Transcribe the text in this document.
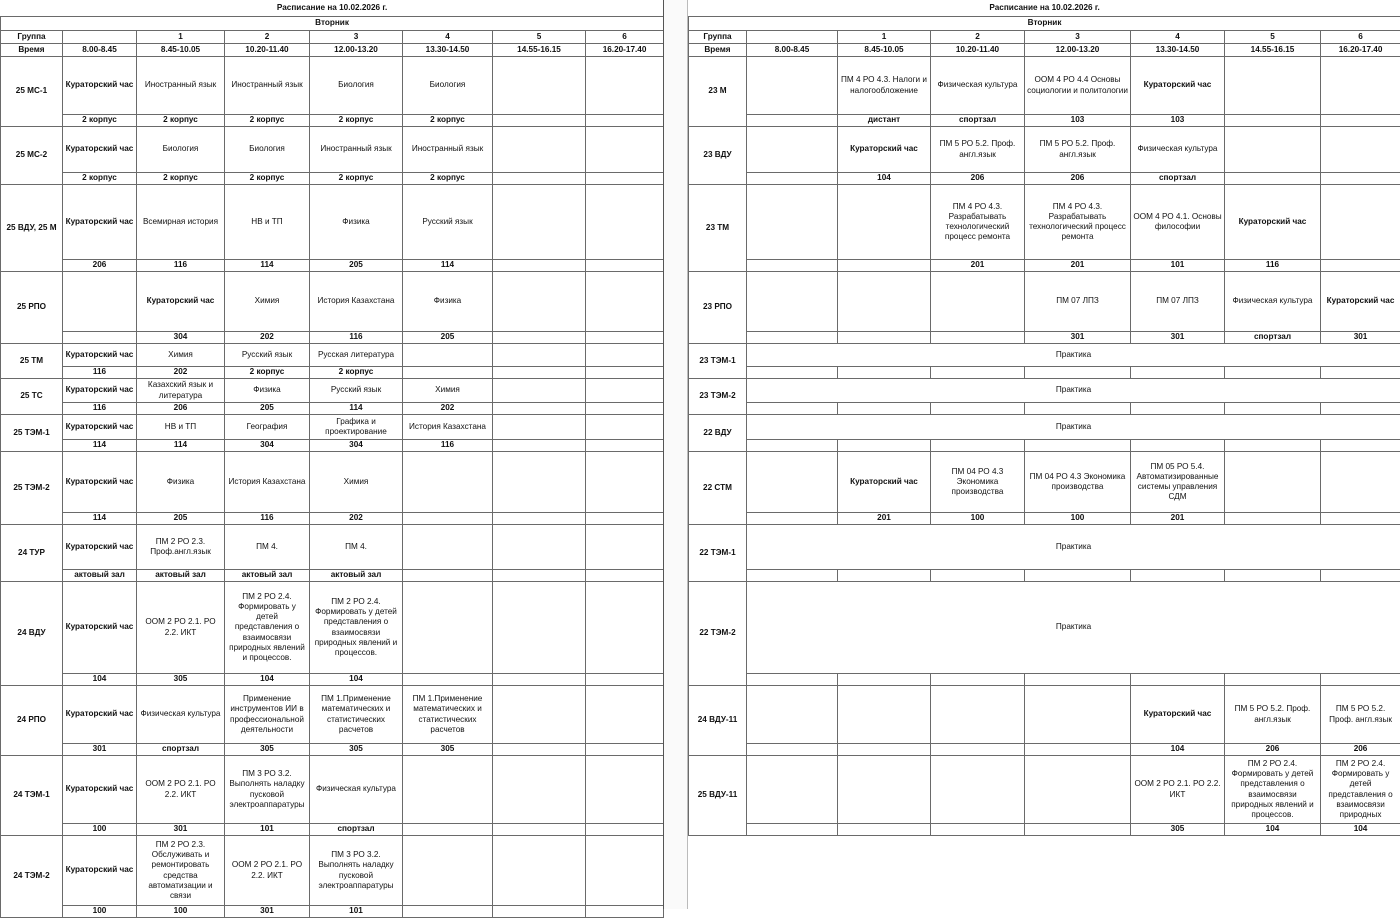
Расписание на 10.02.2026 г.							
Вторник							
Группа		1	2	3	4	5	6
Время	8.00-8.45	8.45-10.05	10.20-11.40	12.00-13.20	13.30-14.50	14.55-16.15	16.20-17.40
25 МС-1	Кураторский час	Иностранный язык	Иностранный язык	Биология	Биология		
	2 корпус	2 корпус	2 корпус	2 корпус	2 корпус		
25 МС-2	Кураторский час	Биология	Биология	Иностранный язык	Иностранный язык		
	2 корпус	2 корпус	2 корпус	2 корпус	2 корпус		
25 ВДУ, 25 М	Кураторский час	Всемирная история	НВ и ТП	Физика	Русский язык		
	206	116	114	205	114		
25 РПО		Кураторский час	Химия	История Казахстана	Физика		
		304	202	116	205		
25 ТМ	Кураторский час	Химия	Русский язык	Русская литература			
	116	202	2 корпус	2 корпус			
25 ТС	Кураторский час	Казахский язык и литература	Физика	Русский язык	Химия		
	116	206	205	114	202		
25 ТЭМ-1	Кураторский час	НВ и ТП	География	Графика и проектирование	История Казахстана		
	114	114	304	304	116		
25 ТЭМ-2	Кураторский час	Физика	История Казахстана	Химия			
	114	205	116	202			
24 ТУР	Кураторский час	ПМ 2 РО 2.3. Проф.англ.язык	ПМ 4.	ПМ 4.			
	актовый зал	актовый зал	актовый зал	актовый зал			
24 ВДУ	Кураторский час	ООМ 2 РО 2.1. РО 2.2. ИКТ	ПМ 2 РО 2.4. Формировать у детей представления о взаимосвязи природных явлений и процессов.	ПМ 2 РО 2.4. Формировать у детей представления о взаимосвязи природных явлений и процессов.			
	104	305	104	104			
24 РПО	Кураторский час	Физическая культура	Применение инструментов ИИ в профессиональной деятельности	ПМ 1.Применение математических и статистических расчетов	ПМ 1.Применение математических и статистических расчетов		
	301	спортзал	305	305	305		
24 ТЭМ-1	Кураторский час	ООМ 2 РО 2.1. РО 2.2. ИКТ	ПМ 3 РО 3.2. Выполнять наладку пусковой электроаппаратуры	Физическая культура			
	100	301	101	спортзал			
24 ТЭМ-2	Кураторский час	ПМ 2 РО 2.3. Обслуживать и ремонтировать средства автоматизации и связи	ООМ 2 РО 2.1. РО 2.2. ИКТ	ПМ 3 РО 3.2. Выполнять наладку пусковой электроаппаратуры			
	100	100	301	101			
Расписание на 10.02.2026 г.							
Вторник							
Группа		1	2	3	4	5	6
Время	8.00-8.45	8.45-10.05	10.20-11.40	12.00-13.20	13.30-14.50	14.55-16.15	16.20-17.40
23 М		ПМ 4 РО 4.3. Налоги и налогообложение	Физическая культура	ООМ 4 РО 4.4 Основы социологии и политологии	Кураторский час		
		дистант	спортзал	103	103		
23 ВДУ		Кураторский час	ПМ 5 РО 5.2. Проф. англ.язык	ПМ 5 РО 5.2. Проф. англ.язык	Физическая культура		
		104	206	206	спортзал		
23 ТМ			ПМ 4 РО 4.3. Разрабатывать технологический процесс ремонта	ПМ 4 РО 4.3. Разрабатывать технологический процесс ремонта	ООМ 4 РО 4.1. Основы философии	Кураторский час	
			201	201	101	116	
23 РПО				ПМ 07 ЛПЗ	ПМ 07 ЛПЗ	Физическая культура	Кураторский час
				301	301	спортзал	301
23 ТЭМ-1	Практика						

23 ТЭМ-2	Практика						

22 ВДУ	Практика						

22 СТМ		Кураторский час	ПМ 04 РО 4.3 Экономика производства	ПМ 04 РО 4.3 Экономика производства	ПМ 05 РО 5.4. Автоматизированные системы управления СДМ		
		201	100	100	201		
22 ТЭМ-1	Практика						

22 ТЭМ-2	Практика						

24 ВДУ-11					Кураторский час	ПМ 5 РО 5.2. Проф. англ.язык	ПМ 5 РО 5.2. Проф. англ.язык
					104	206	206
25 ВДУ-11					ООМ 2 РО 2.1. РО 2.2. ИКТ	ПМ 2 РО 2.4. Формировать у детей представления о взаимосвязи природных явлений и процессов.	ПМ 2 РО 2.4. Формировать у детей представления о взаимосвязи природных
					305	104	104
